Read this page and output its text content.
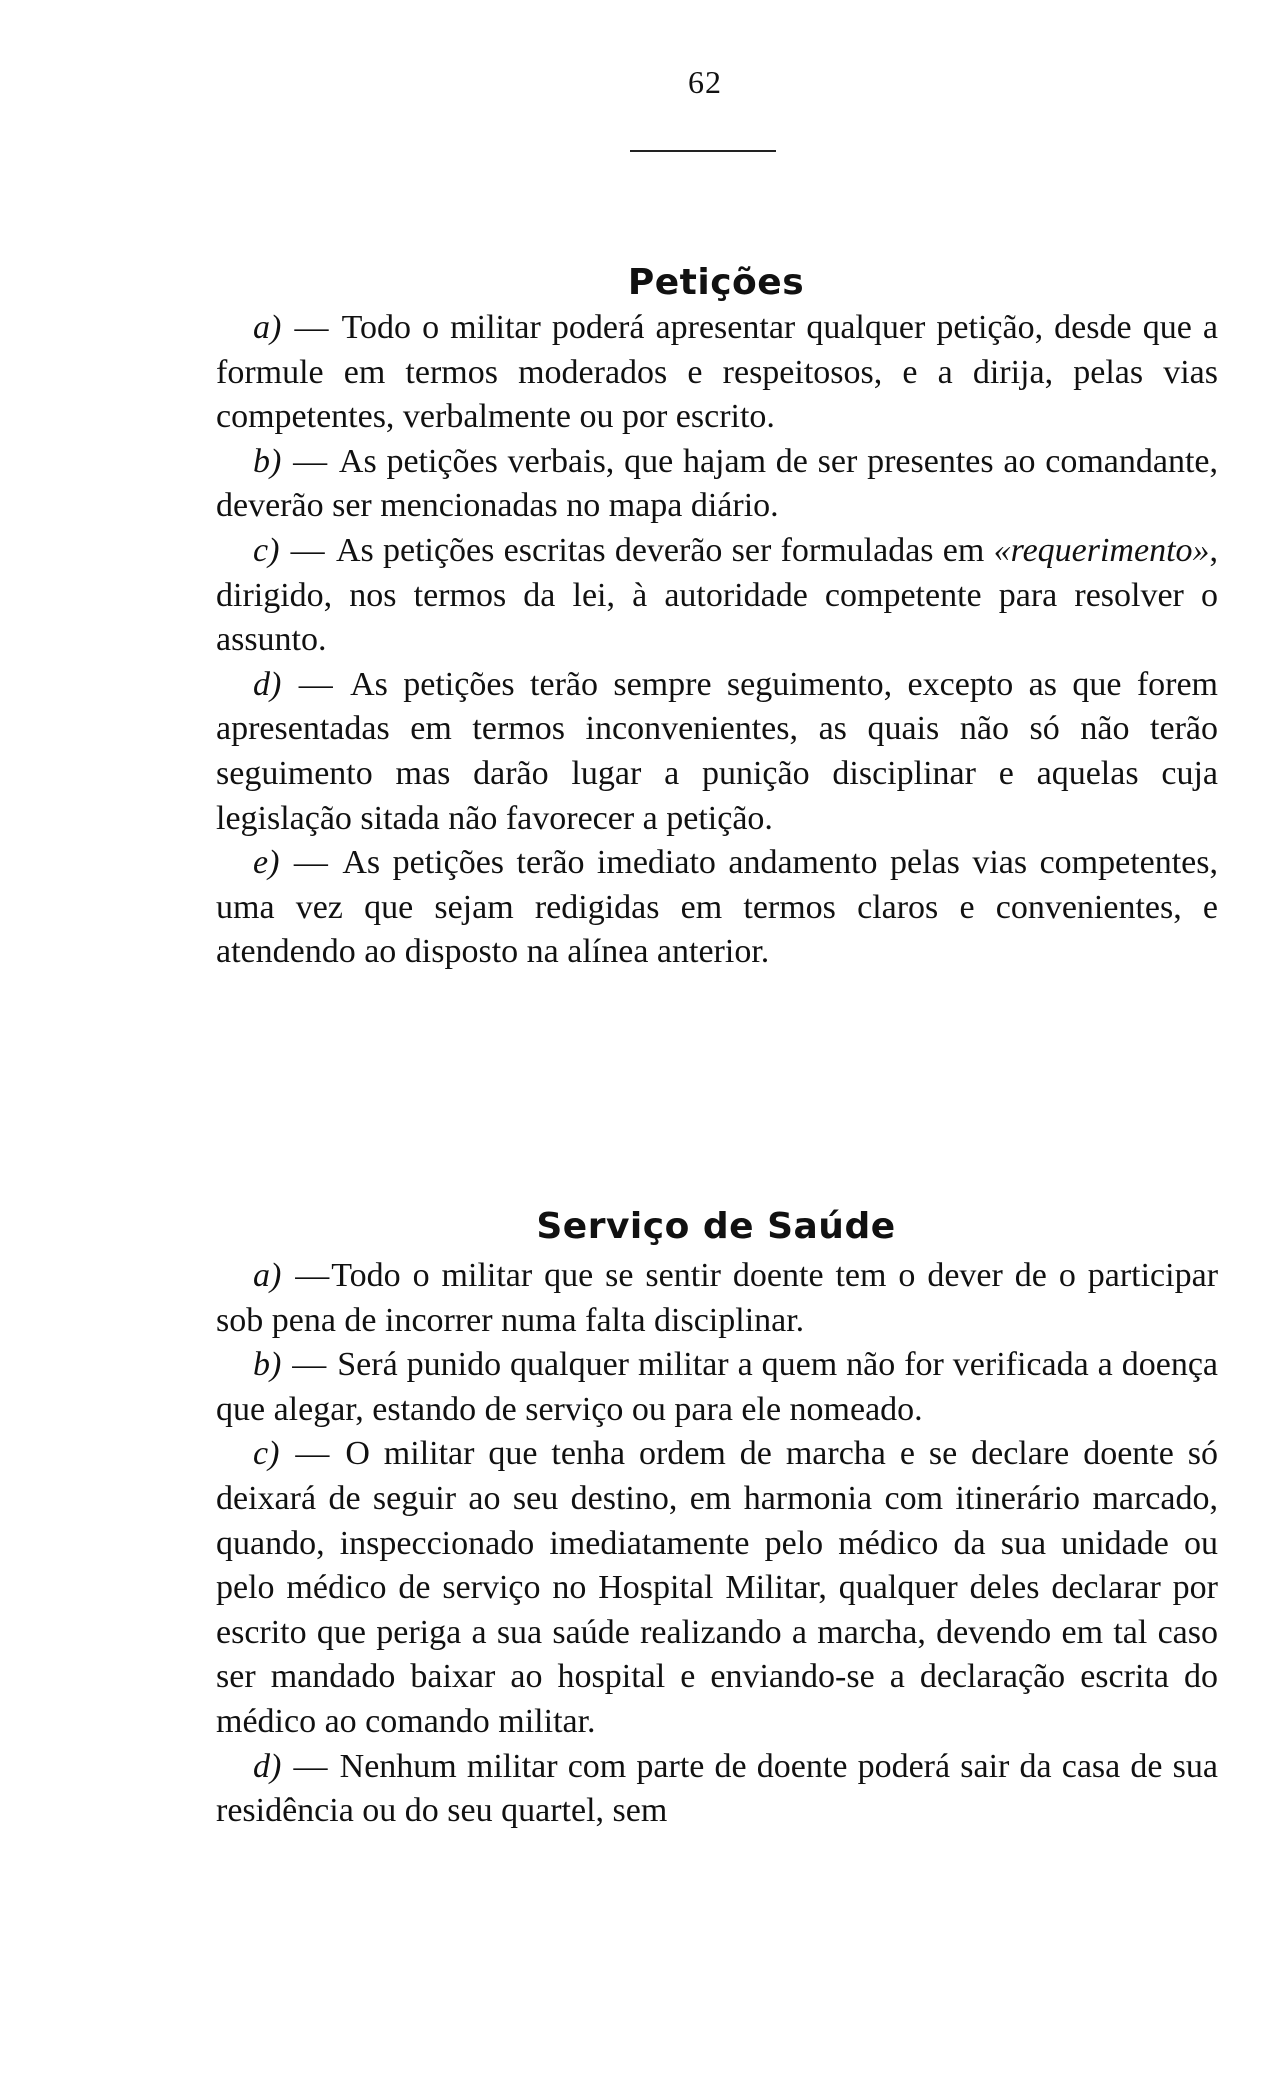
62
Petições

a) — Todo o militar poderá apresentar qualquer petição, desde que a formule em termos moderados e respeitosos, e a dirija, pelas vias competentes, verbalmente ou por escrito.

b) — As petições verbais, que hajam de ser presentes ao comandante, deverão ser mencionadas no mapa diário.

c) — As petições escritas deverão ser formuladas em «requerimento», dirigido, nos termos da lei, à autoridade competente para resolver o assunto.

d) — As petições terão sempre seguimento, excepto as que forem apresentadas em termos inconvenientes, as quais não só não terão seguimento mas darão lugar a punição disciplinar e aquelas cuja legislação sitada não favorecer a petição.

e) — As petições terão imediato andamento pelas vias competentes, uma vez que sejam redigidas em termos claros e convenientes, e atendendo ao disposto na alínea anterior.

Serviço de Saúde

a) —Todo o militar que se sentir doente tem o dever de o participar sob pena de incorrer numa falta disciplinar.

b) — Será punido qualquer militar a quem não for verificada a doença que alegar, estando de serviço ou para ele nomeado.

c) — O militar que tenha ordem de marcha e se declare doente só deixará de seguir ao seu destino, em harmonia com itinerário marcado, quando, inspeccionado imediatamente pelo médico da sua unidade ou pelo médico de serviço no Hospital Militar, qualquer deles declarar por escrito que periga a sua saúde realizando a marcha, devendo em tal caso ser mandado baixar ao hospital e enviando-se a declaração escrita do médico ao comando militar.

d) — Nenhum militar com parte de doente poderá sair da casa de sua residência ou do seu quartel, sem
